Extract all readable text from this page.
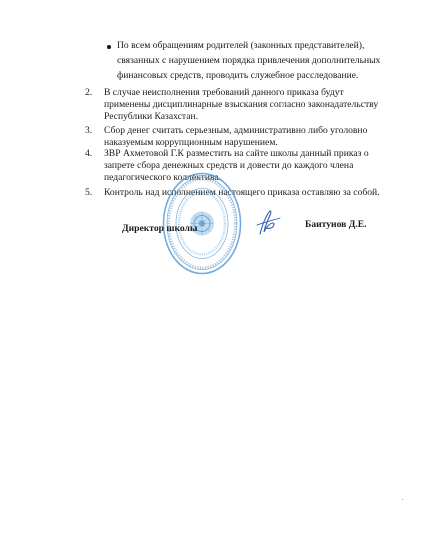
По всем обращениям родителей (законных представителей),

связанных с нарушением порядка привлечения дополнительных

финансовых средств, проводить служебное расследование.

2. В случае неисполнения требований данного приказа будут

применены дисциплинарные взыскания согласно законадательству

Республики Казахстан.

3. Сбор денег считать серьезным, административно либо уголовно

наказуемым коррупционным нарушением.

4. ЗВР Ахметовой Г.К разместить на сайте школы данный приказ о

запрете сбора денежных средств и довести до каждого члена

педагогического коллектива.

5. Контроль над исполнением настоящего приказа оставляю за собой.

Директор школы	Баитунов Д.Е.
